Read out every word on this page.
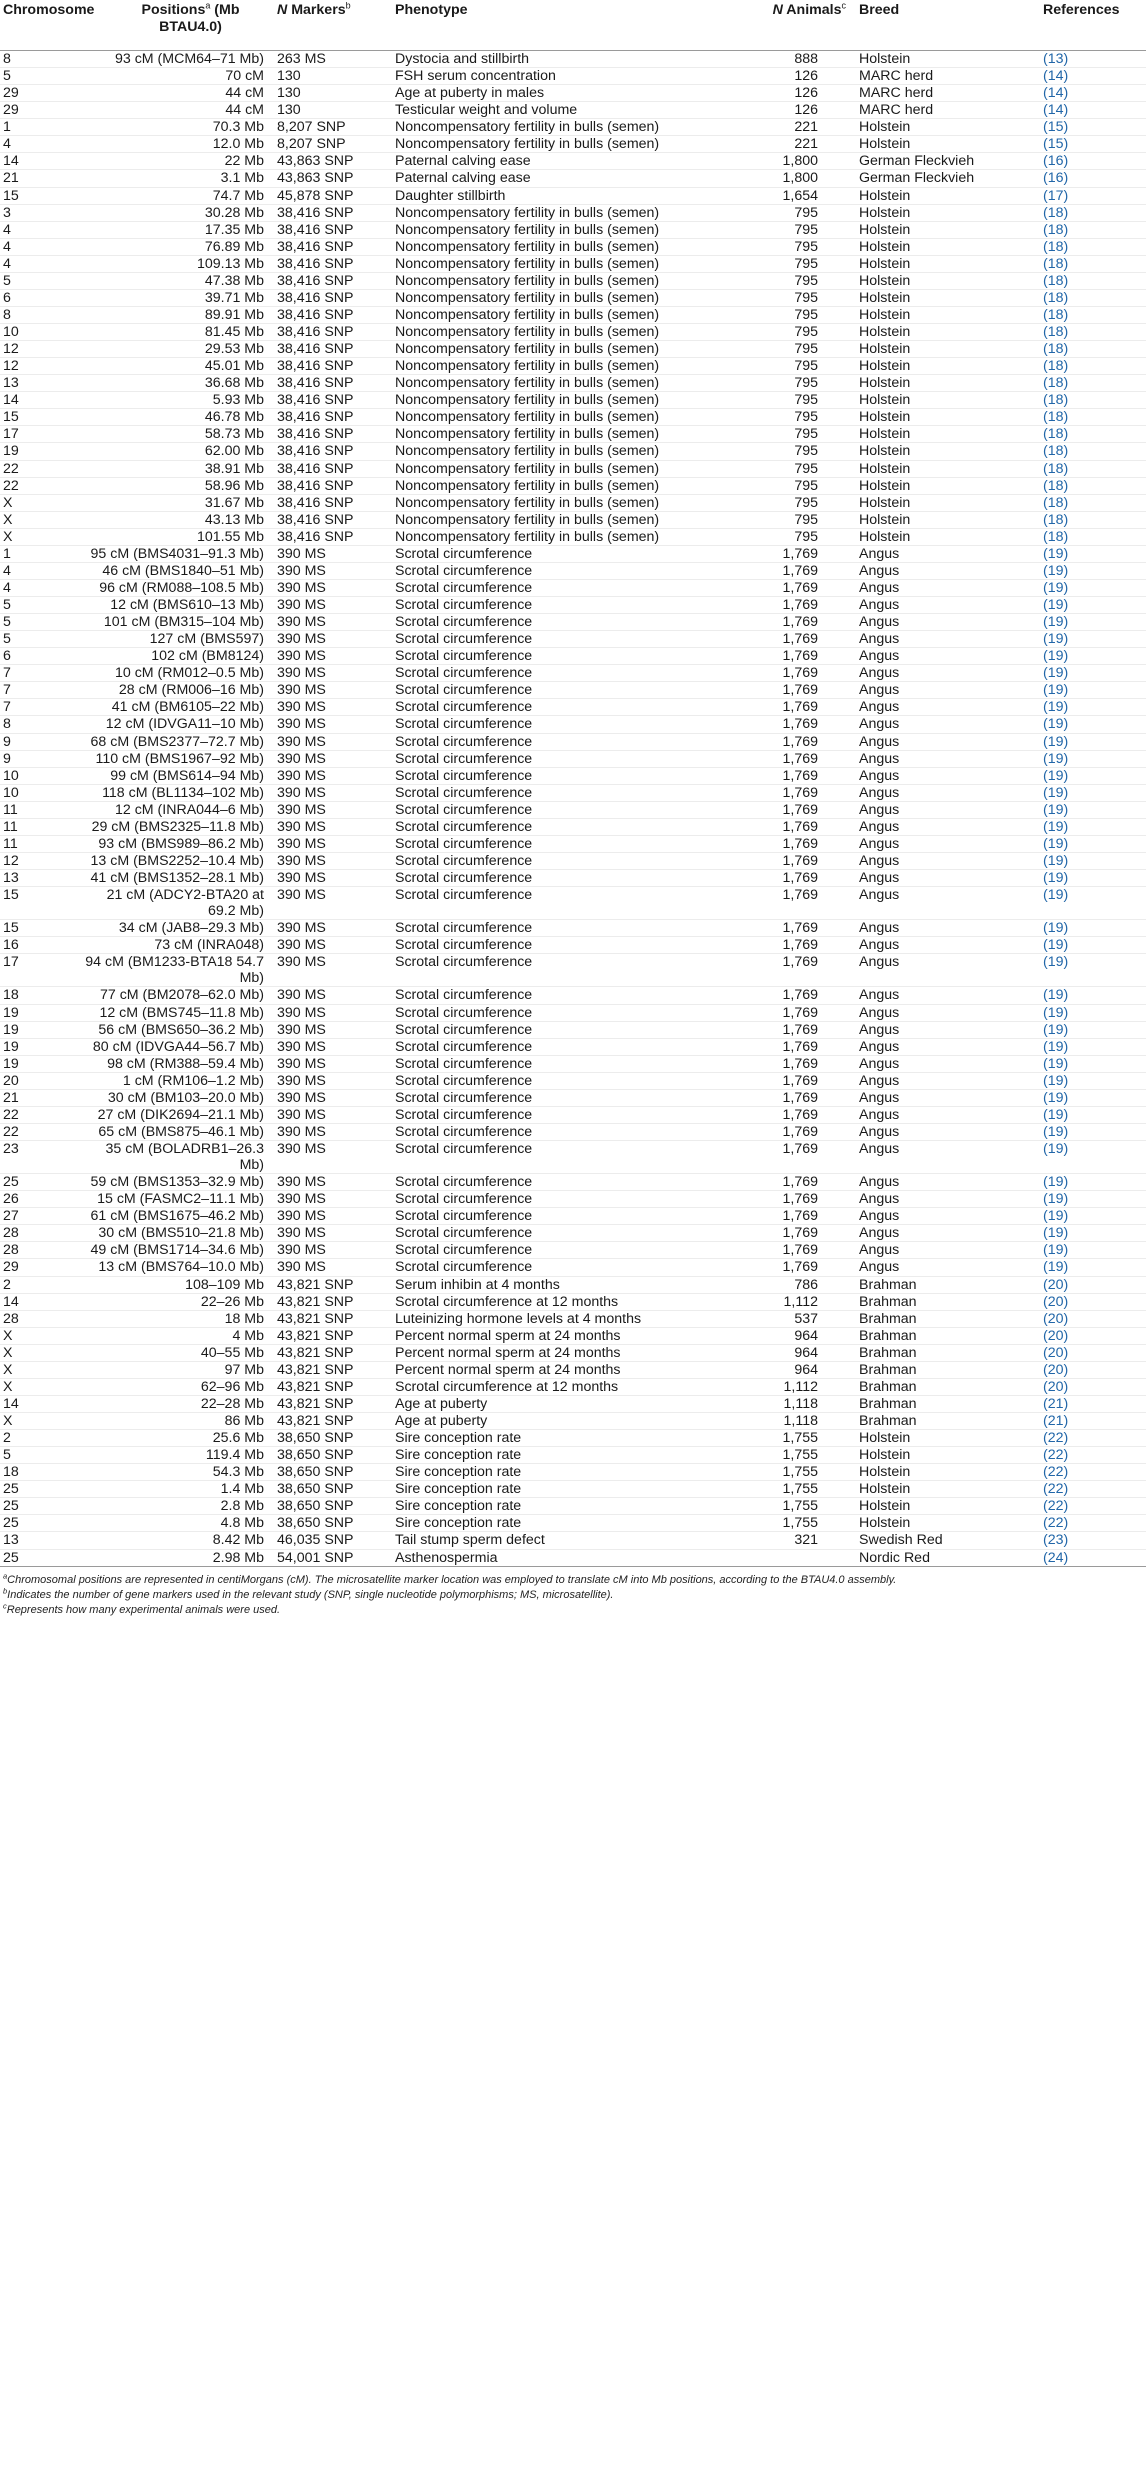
Chromosome	Positions$^a$ (Mb BTAU4.0)	N Markers$^b$	Phenotype	N Animals$^c$	Breed	References
8	93 cM (MCM64–71 Mb)	263 MS	Dystocia and stillbirth	888	Holstein	(13)
5	70 cM	130	FSH serum concentration	126	MARC herd	(14)
29	44 cM	130	Age at puberty in males	126	MARC herd	(14)
29	44 cM	130	Testicular weight and volume	126	MARC herd	(14)
1	70.3 Mb	8,207 SNP	Noncompensatory fertility in bulls (semen)	221	Holstein	(15)
4	12.0 Mb	8,207 SNP	Noncompensatory fertility in bulls (semen)	221	Holstein	(15)
14	22 Mb	43,863 SNP	Paternal calving ease	1,800	German Fleckvieh	(16)
21	3.1 Mb	43,863 SNP	Paternal calving ease	1,800	German Fleckvieh	(16)
15	74.7 Mb	45,878 SNP	Daughter stillbirth	1,654	Holstein	(17)
3	30.28 Mb	38,416 SNP	Noncompensatory fertility in bulls (semen)	795	Holstein	(18)
4	17.35 Mb	38,416 SNP	Noncompensatory fertility in bulls (semen)	795	Holstein	(18)
4	76.89 Mb	38,416 SNP	Noncompensatory fertility in bulls (semen)	795	Holstein	(18)
4	109.13 Mb	38,416 SNP	Noncompensatory fertility in bulls (semen)	795	Holstein	(18)
5	47.38 Mb	38,416 SNP	Noncompensatory fertility in bulls (semen)	795	Holstein	(18)
6	39.71 Mb	38,416 SNP	Noncompensatory fertility in bulls (semen)	795	Holstein	(18)
8	89.91 Mb	38,416 SNP	Noncompensatory fertility in bulls (semen)	795	Holstein	(18)
10	81.45 Mb	38,416 SNP	Noncompensatory fertility in bulls (semen)	795	Holstein	(18)
12	29.53 Mb	38,416 SNP	Noncompensatory fertility in bulls (semen)	795	Holstein	(18)
12	45.01 Mb	38,416 SNP	Noncompensatory fertility in bulls (semen)	795	Holstein	(18)
13	36.68 Mb	38,416 SNP	Noncompensatory fertility in bulls (semen)	795	Holstein	(18)
14	5.93 Mb	38,416 SNP	Noncompensatory fertility in bulls (semen)	795	Holstein	(18)
15	46.78 Mb	38,416 SNP	Noncompensatory fertility in bulls (semen)	795	Holstein	(18)
17	58.73 Mb	38,416 SNP	Noncompensatory fertility in bulls (semen)	795	Holstein	(18)
19	62.00 Mb	38,416 SNP	Noncompensatory fertility in bulls (semen)	795	Holstein	(18)
22	38.91 Mb	38,416 SNP	Noncompensatory fertility in bulls (semen)	795	Holstein	(18)
22	58.96 Mb	38,416 SNP	Noncompensatory fertility in bulls (semen)	795	Holstein	(18)
X	31.67 Mb	38,416 SNP	Noncompensatory fertility in bulls (semen)	795	Holstein	(18)
X	43.13 Mb	38,416 SNP	Noncompensatory fertility in bulls (semen)	795	Holstein	(18)
X	101.55 Mb	38,416 SNP	Noncompensatory fertility in bulls (semen)	795	Holstein	(18)
1	95 cM (BMS4031–91.3 Mb)	390 MS	Scrotal circumference	1,769	Angus	(19)
4	46 cM (BMS1840–51 Mb)	390 MS	Scrotal circumference	1,769	Angus	(19)
4	96 cM (RM088–108.5 Mb)	390 MS	Scrotal circumference	1,769	Angus	(19)
5	12 cM (BMS610–13 Mb)	390 MS	Scrotal circumference	1,769	Angus	(19)
5	101 cM (BM315–104 Mb)	390 MS	Scrotal circumference	1,769	Angus	(19)
5	127 cM (BMS597)	390 MS	Scrotal circumference	1,769	Angus	(19)
6	102 cM (BM8124)	390 MS	Scrotal circumference	1,769	Angus	(19)
7	10 cM (RM012–0.5 Mb)	390 MS	Scrotal circumference	1,769	Angus	(19)
7	28 cM (RM006–16 Mb)	390 MS	Scrotal circumference	1,769	Angus	(19)
7	41 cM (BM6105–22 Mb)	390 MS	Scrotal circumference	1,769	Angus	(19)
8	12 cM (IDVGA11–10 Mb)	390 MS	Scrotal circumference	1,769	Angus	(19)
9	68 cM (BMS2377–72.7 Mb)	390 MS	Scrotal circumference	1,769	Angus	(19)
9	110 cM (BMS1967–92 Mb)	390 MS	Scrotal circumference	1,769	Angus	(19)
10	99 cM (BMS614–94 Mb)	390 MS	Scrotal circumference	1,769	Angus	(19)
10	118 cM (BL1134–102 Mb)	390 MS	Scrotal circumference	1,769	Angus	(19)
11	12 cM (INRA044–6 Mb)	390 MS	Scrotal circumference	1,769	Angus	(19)
11	29 cM (BMS2325–11.8 Mb)	390 MS	Scrotal circumference	1,769	Angus	(19)
11	93 cM (BMS989–86.2 Mb)	390 MS	Scrotal circumference	1,769	Angus	(19)
12	13 cM (BMS2252–10.4 Mb)	390 MS	Scrotal circumference	1,769	Angus	(19)
13	41 cM (BMS1352–28.1 Mb)	390 MS	Scrotal circumference	1,769	Angus	(19)
15	21 cM (ADCY2-BTA20 at 69.2 Mb)	390 MS	Scrotal circumference	1,769	Angus	(19)
15	34 cM (JAB8–29.3 Mb)	390 MS	Scrotal circumference	1,769	Angus	(19)
16	73 cM (INRA048)	390 MS	Scrotal circumference	1,769	Angus	(19)
17	94 cM (BM1233-BTA18 54.7 Mb)	390 MS	Scrotal circumference	1,769	Angus	(19)
18	77 cM (BM2078–62.0 Mb)	390 MS	Scrotal circumference	1,769	Angus	(19)
19	12 cM (BMS745–11.8 Mb)	390 MS	Scrotal circumference	1,769	Angus	(19)
19	56 cM (BMS650–36.2 Mb)	390 MS	Scrotal circumference	1,769	Angus	(19)
19	80 cM (IDVGA44–56.7 Mb)	390 MS	Scrotal circumference	1,769	Angus	(19)
19	98 cM (RM388–59.4 Mb)	390 MS	Scrotal circumference	1,769	Angus	(19)
20	1 cM (RM106–1.2 Mb)	390 MS	Scrotal circumference	1,769	Angus	(19)
21	30 cM (BM103–20.0 Mb)	390 MS	Scrotal circumference	1,769	Angus	(19)
22	27 cM (DIK2694–21.1 Mb)	390 MS	Scrotal circumference	1,769	Angus	(19)
22	65 cM (BMS875–46.1 Mb)	390 MS	Scrotal circumference	1,769	Angus	(19)
23	35 cM (BOLADRB1–26.3 Mb)	390 MS	Scrotal circumference	1,769	Angus	(19)
25	59 cM (BMS1353–32.9 Mb)	390 MS	Scrotal circumference	1,769	Angus	(19)
26	15 cM (FASMC2–11.1 Mb)	390 MS	Scrotal circumference	1,769	Angus	(19)
27	61 cM (BMS1675–46.2 Mb)	390 MS	Scrotal circumference	1,769	Angus	(19)
28	30 cM (BMS510–21.8 Mb)	390 MS	Scrotal circumference	1,769	Angus	(19)
28	49 cM (BMS1714–34.6 Mb)	390 MS	Scrotal circumference	1,769	Angus	(19)
29	13 cM (BMS764–10.0 Mb)	390 MS	Scrotal circumference	1,769	Angus	(19)
2	108–109 Mb	43,821 SNP	Serum inhibin at 4 months	786	Brahman	(20)
14	22–26 Mb	43,821 SNP	Scrotal circumference at 12 months	1,112	Brahman	(20)
28	18 Mb	43,821 SNP	Luteinizing hormone levels at 4 months	537	Brahman	(20)
X	4 Mb	43,821 SNP	Percent normal sperm at 24 months	964	Brahman	(20)
X	40–55 Mb	43,821 SNP	Percent normal sperm at 24 months	964	Brahman	(20)
X	97 Mb	43,821 SNP	Percent normal sperm at 24 months	964	Brahman	(20)
X	62–96 Mb	43,821 SNP	Scrotal circumference at 12 months	1,112	Brahman	(20)
14	22–28 Mb	43,821 SNP	Age at puberty	1,118	Brahman	(21)
X	86 Mb	43,821 SNP	Age at puberty	1,118	Brahman	(21)
2	25.6 Mb	38,650 SNP	Sire conception rate	1,755	Holstein	(22)
5	119.4 Mb	38,650 SNP	Sire conception rate	1,755	Holstein	(22)
18	54.3 Mb	38,650 SNP	Sire conception rate	1,755	Holstein	(22)
25	1.4 Mb	38,650 SNP	Sire conception rate	1,755	Holstein	(22)
25	2.8 Mb	38,650 SNP	Sire conception rate	1,755	Holstein	(22)
25	4.8 Mb	38,650 SNP	Sire conception rate	1,755	Holstein	(22)
13	8.42 Mb	46,035 SNP	Tail stump sperm defect	321	Swedish Red	(23)
25	2.98 Mb	54,001 SNP	Asthenospermia		Nordic Red	(24)
$^a$Chromosomal positions are represented in centiMorgans (cM). The microsatellite marker location was employed to translate cM into Mb positions, according to the BTAU4.0 assembly.
$^b$Indicates the number of gene markers used in the relevant study (SNP, single nucleotide polymorphisms; MS, microsatellite).
$^c$Represents how many experimental animals were used.
